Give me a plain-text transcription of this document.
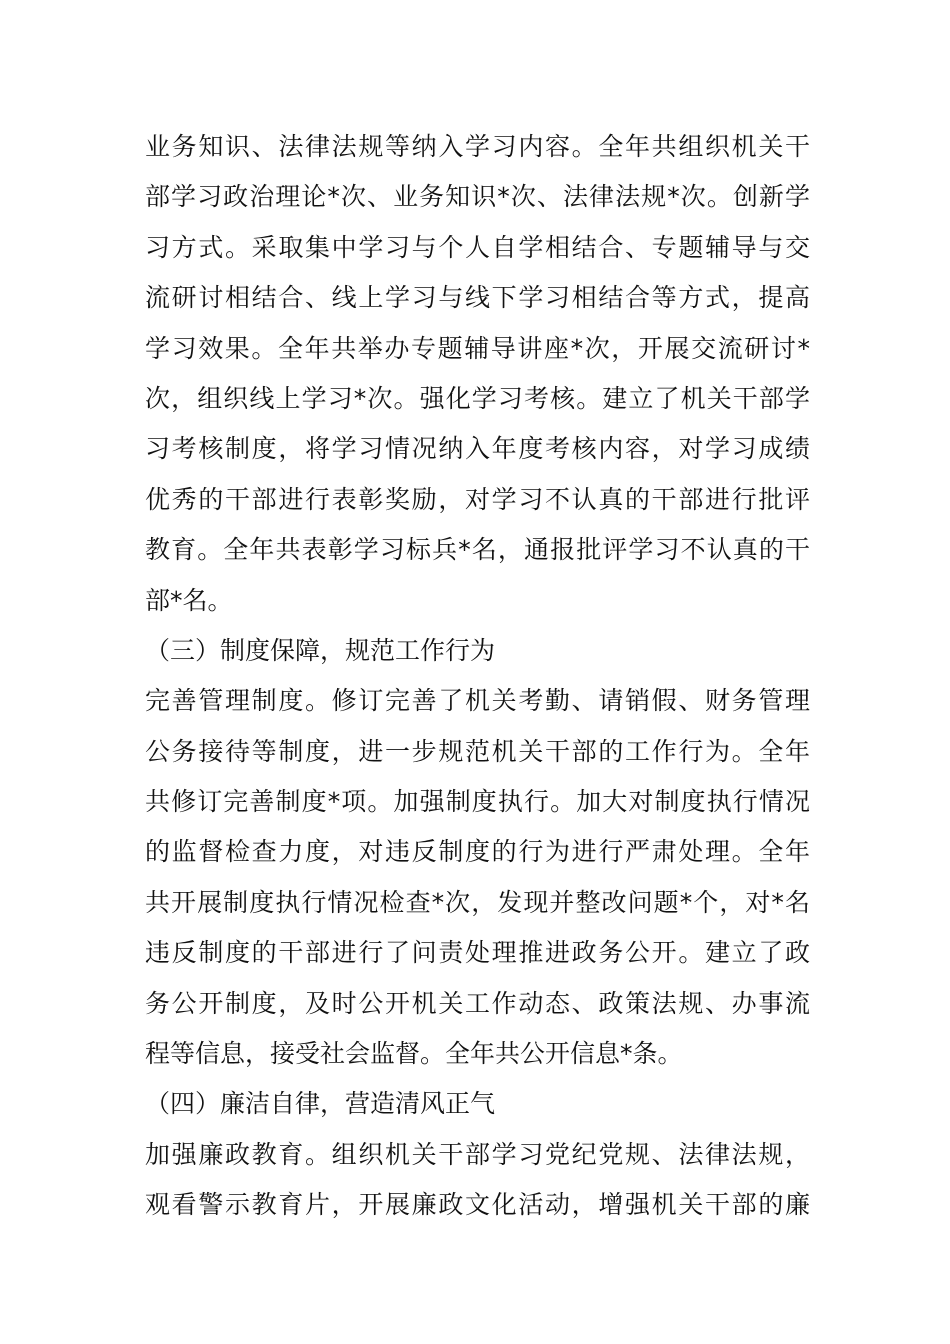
业务知识、法律法规等纳入学习内容。全年共组织机关干
部学习政治理论*次、业务知识*次、法律法规*次。创新学
习方式。采取集中学习与个人自学相结合、专题辅导与交
流研讨相结合、线上学习与线下学习相结合等方式，提高
学习效果。全年共举办专题辅导讲座*次，开展交流研讨*
次，组织线上学习*次。强化学习考核。建立了机关干部学
习考核制度，将学习情况纳入年度考核内容，对学习成绩
优秀的干部进行表彰奖励，对学习不认真的干部进行批评
教育。全年共表彰学习标兵*名，通报批评学习不认真的干
部*名。
（三）制度保障，规范工作行为
完善管理制度。修订完善了机关考勤、请销假、财务管理
公务接待等制度，进一步规范机关干部的工作行为。全年
共修订完善制度*项。加强制度执行。加大对制度执行情况
的监督检查力度，对违反制度的行为进行严肃处理。全年
共开展制度执行情况检查*次，发现并整改问题*个，对*名
违反制度的干部进行了问责处理推进政务公开。建立了政
务公开制度，及时公开机关工作动态、政策法规、办事流
程等信息，接受社会监督。全年共公开信息*条。
（四）廉洁自律，营造清风正气
加强廉政教育。组织机关干部学习党纪党规、法律法规，
观看警示教育片，开展廉政文化活动，增强机关干部的廉
